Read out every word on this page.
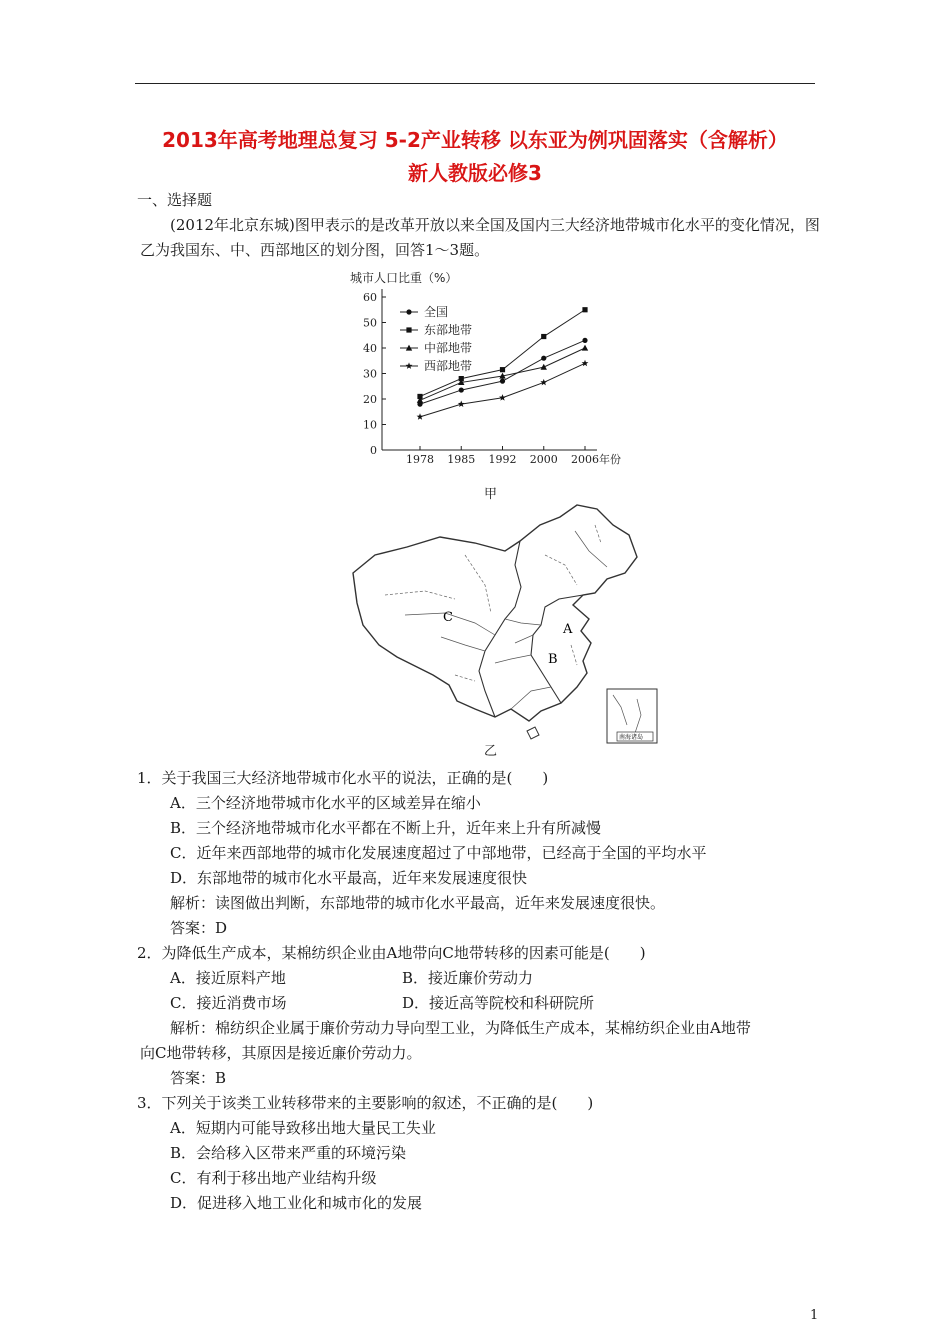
2013年高考地理总复习 5-2产业转移 以东亚为例巩固落实（含解析）
新人教版必修3
一、选择题
(2012年北京东城)图甲表示的是改革开放以来全国及国内三大经济地带城市化水平的变化情况，图乙为我国东、中、西部地区的划分图，回答1～3题。
城市人口比重（%）
0
10
20
30
40
50
60
1978 1985 1992 2000 2006 年份
全国
东部地带
中部地带
西部地带
甲
A
B
C
南海诸岛
乙
1．关于我国三大经济地带城市化水平的说法，正确的是(　　)
A．三个经济地带城市化水平的区域差异在缩小
B．三个经济地带城市化水平都在不断上升，近年来上升有所减慢
C．近年来西部地带的城市化发展速度超过了中部地带，已经高于全国的平均水平
D．东部地带的城市化水平最高，近年来发展速度很快
解析：读图做出判断，东部地带的城市化水平最高，近年来发展速度很快。
答案：D
2．为降低生产成本，某棉纺织企业由A地带向C地带转移的因素可能是(　　)
A．接近原料产地	B．接近廉价劳动力
C．接近消费市场	D．接近高等院校和科研院所
解析：棉纺织企业属于廉价劳动力导向型工业，为降低生产成本，某棉纺织企业由A地带
向C地带转移，其原因是接近廉价劳动力。
答案：B
3．下列关于该类工业转移带来的主要影响的叙述，不正确的是(　　)
A．短期内可能导致移出地大量民工失业
B．会给移入区带来严重的环境污染
C．有利于移出地产业结构升级
D．促进移入地工业化和城市化的发展
1
